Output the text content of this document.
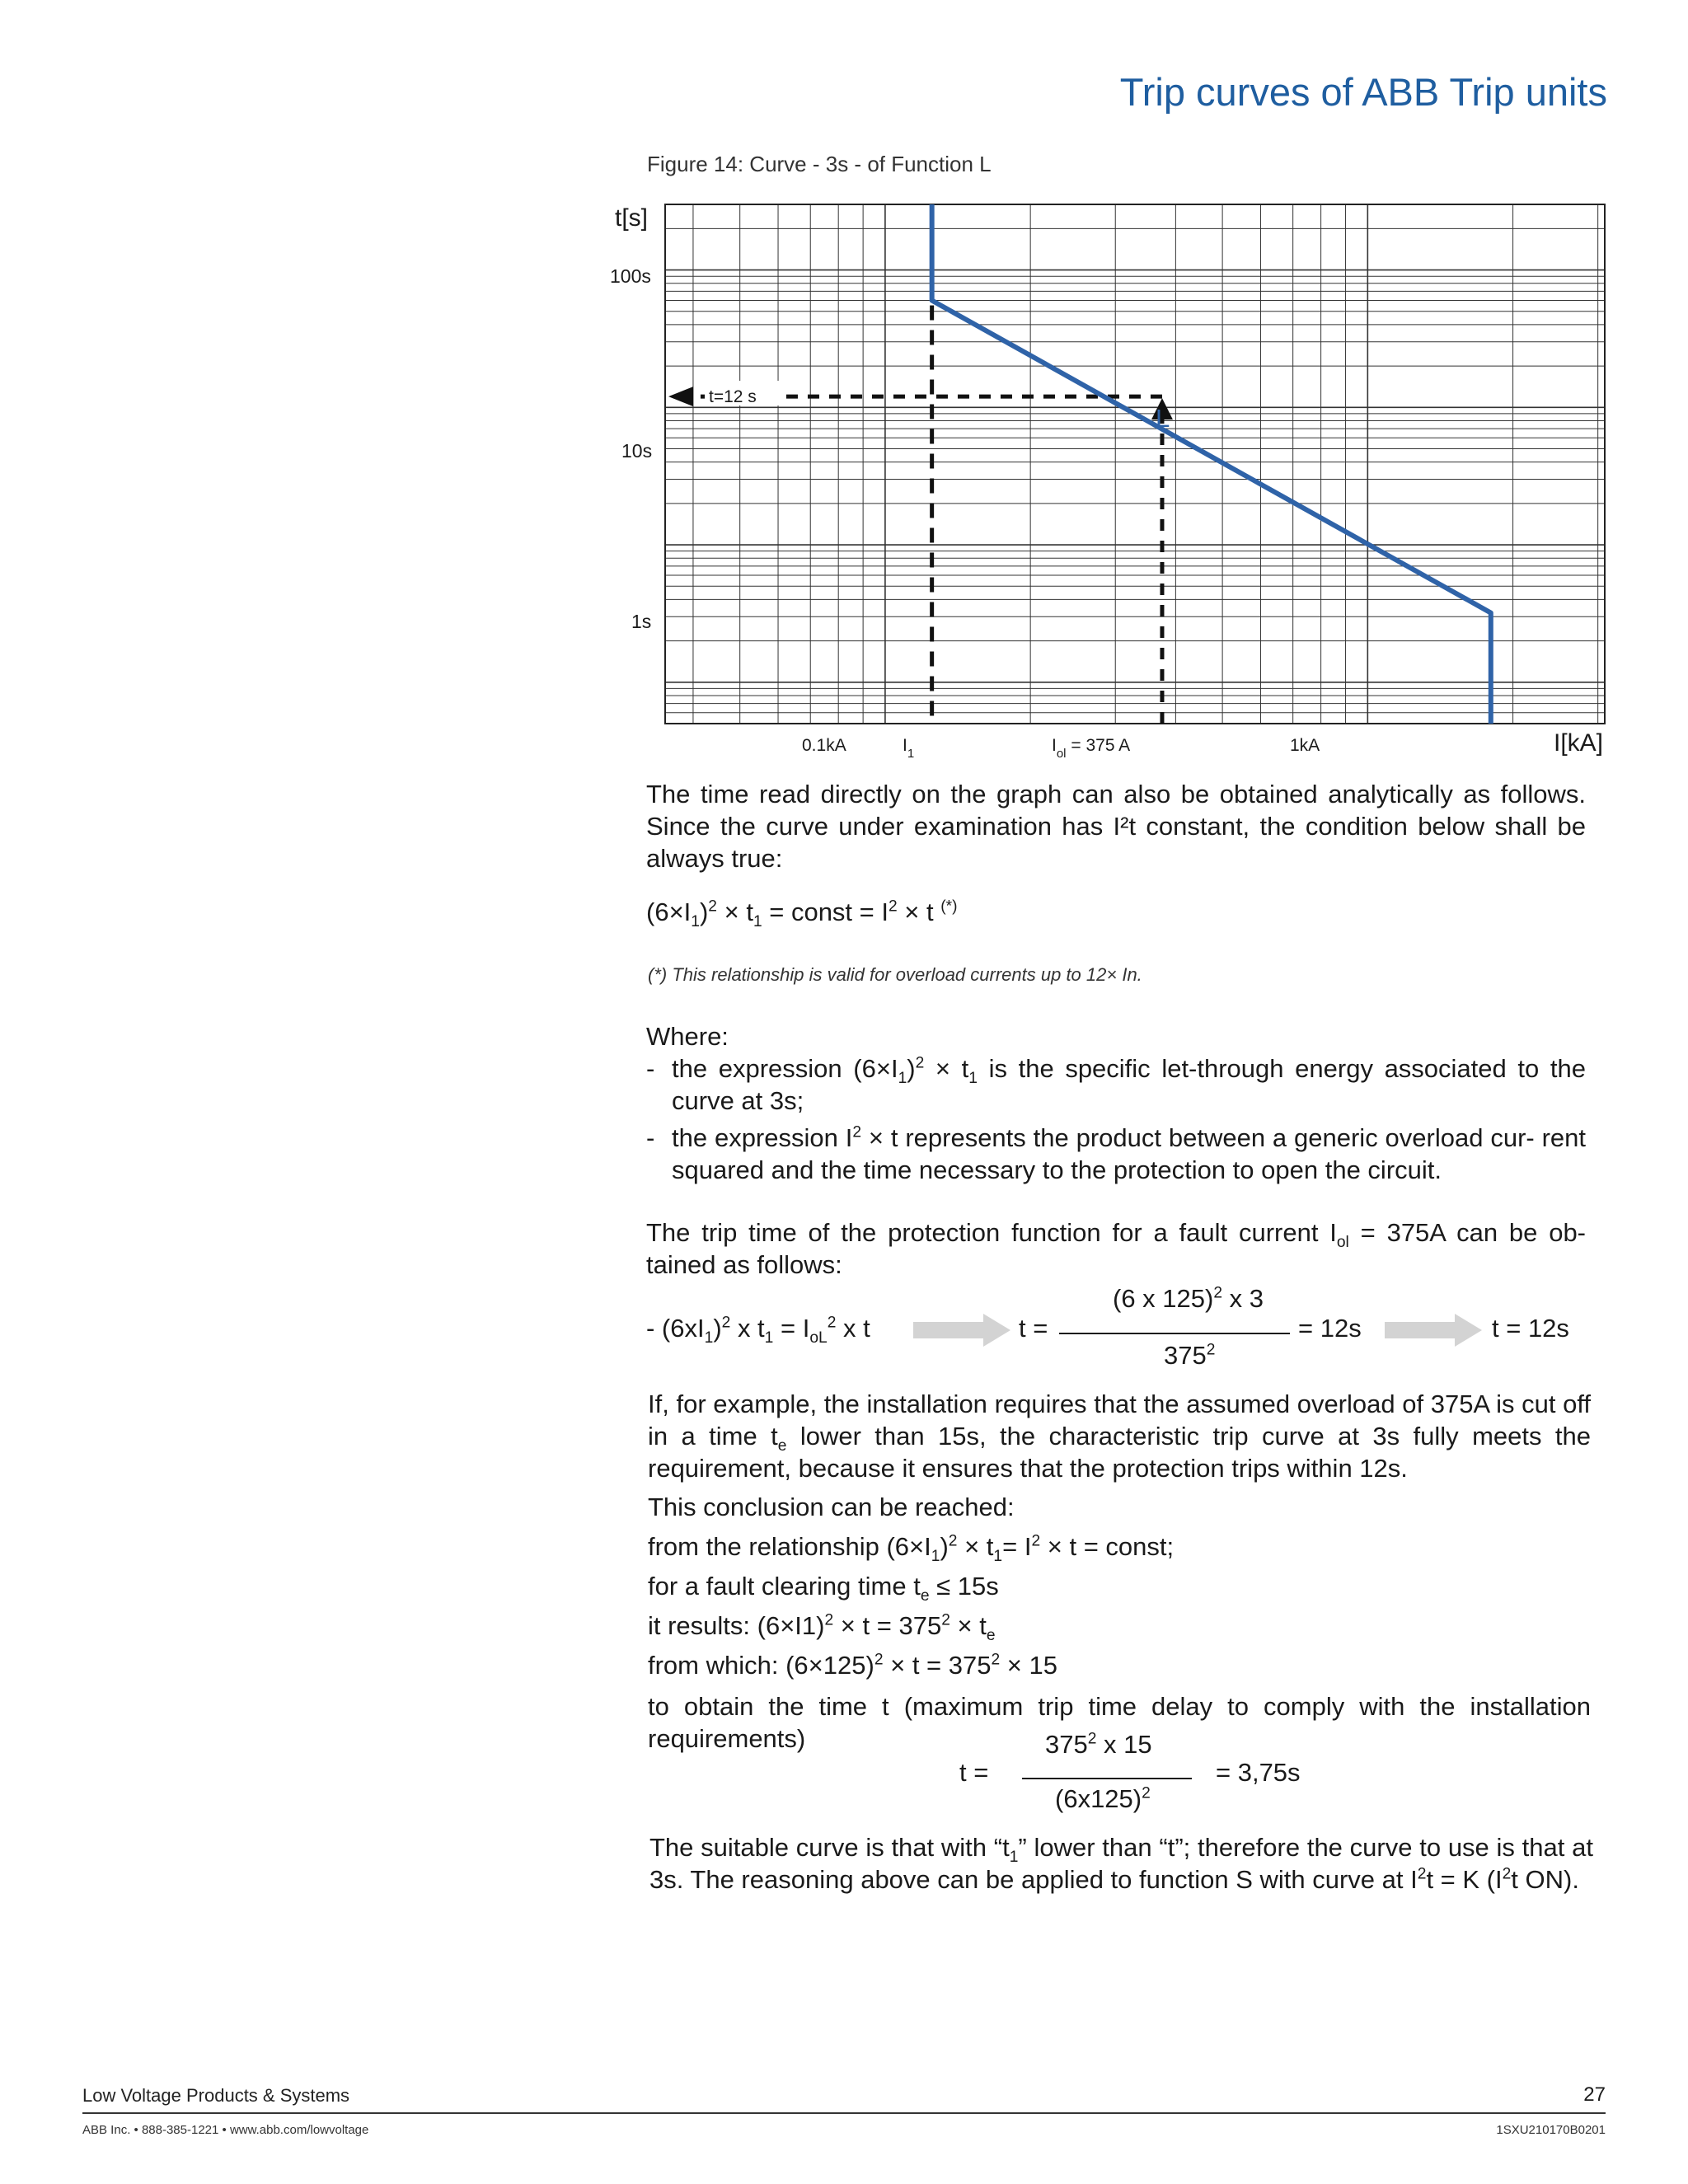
Trip curves of ABB Trip units
Figure 14: Curve - 3s - of Function L
t[s]
100s
10s
1s
0.1kA	$I_1$	$I_{ol} = 375$ A	1kA	I[kA]
t=12 s
L
The time read directly on the graph can also be obtained analytically as follows. Since the curve under examination has I²t constant, the condition below shall be always true:
$(6\times I_1)^2 \times t_1$ = const = $I^2 \times t$ (*)
(*) This relationship is valid for overload currents up to 12× In.
Where:
- the expression $(6\times I_1)^2 \times t_1$ is the specific let-through energy associated to the curve at 3s;
- the expression $I^2 \times t$ represents the product between a generic overload cur- rent squared and the time necessary to the protection to open the circuit.
The trip time of the protection function for a fault current $I_{ol} = 375A$ can be ob- tained as follows:
- $(6xI_1)^2$ x $t_1 = I_{oL}^2$ x t	t =
(6 x 125)$^2$ x 3
$375^2$
= 12s	t = 12s
If, for example, the installation requires that the assumed overload of 375A is cut off in a time $t_e$ lower than 15s, the characteristic trip curve at 3s fully meets the requirement, because it ensures that the protection trips within 12s.
This conclusion can be reached:
from the relationship $(6\times I_1)^2 \times t_1= I^2 \times t$ = const;
for a fault clearing time $t_e \le 15s$
it results: $(6\times I1)^2 \times t = 375^2 \times t_e$
from which: $(6\times 125)^2 \times t = 375^2 \times 15$
to obtain the time t (maximum trip time delay to comply with the installation requirements)
t =
$375^2$ x 15
$(6x125)^2$
= 3,75s
The suitable curve is that with “$t_1$” lower than “t”; therefore the curve to use is that at 3s. The reasoning above can be applied to function S with curve at $I^2t = K$ ($I^2t$ ON).
Low Voltage Products & Systems	27
ABB Inc. • 888-385-1221 • www.abb.com/lowvoltage	1SXU210170B0201
